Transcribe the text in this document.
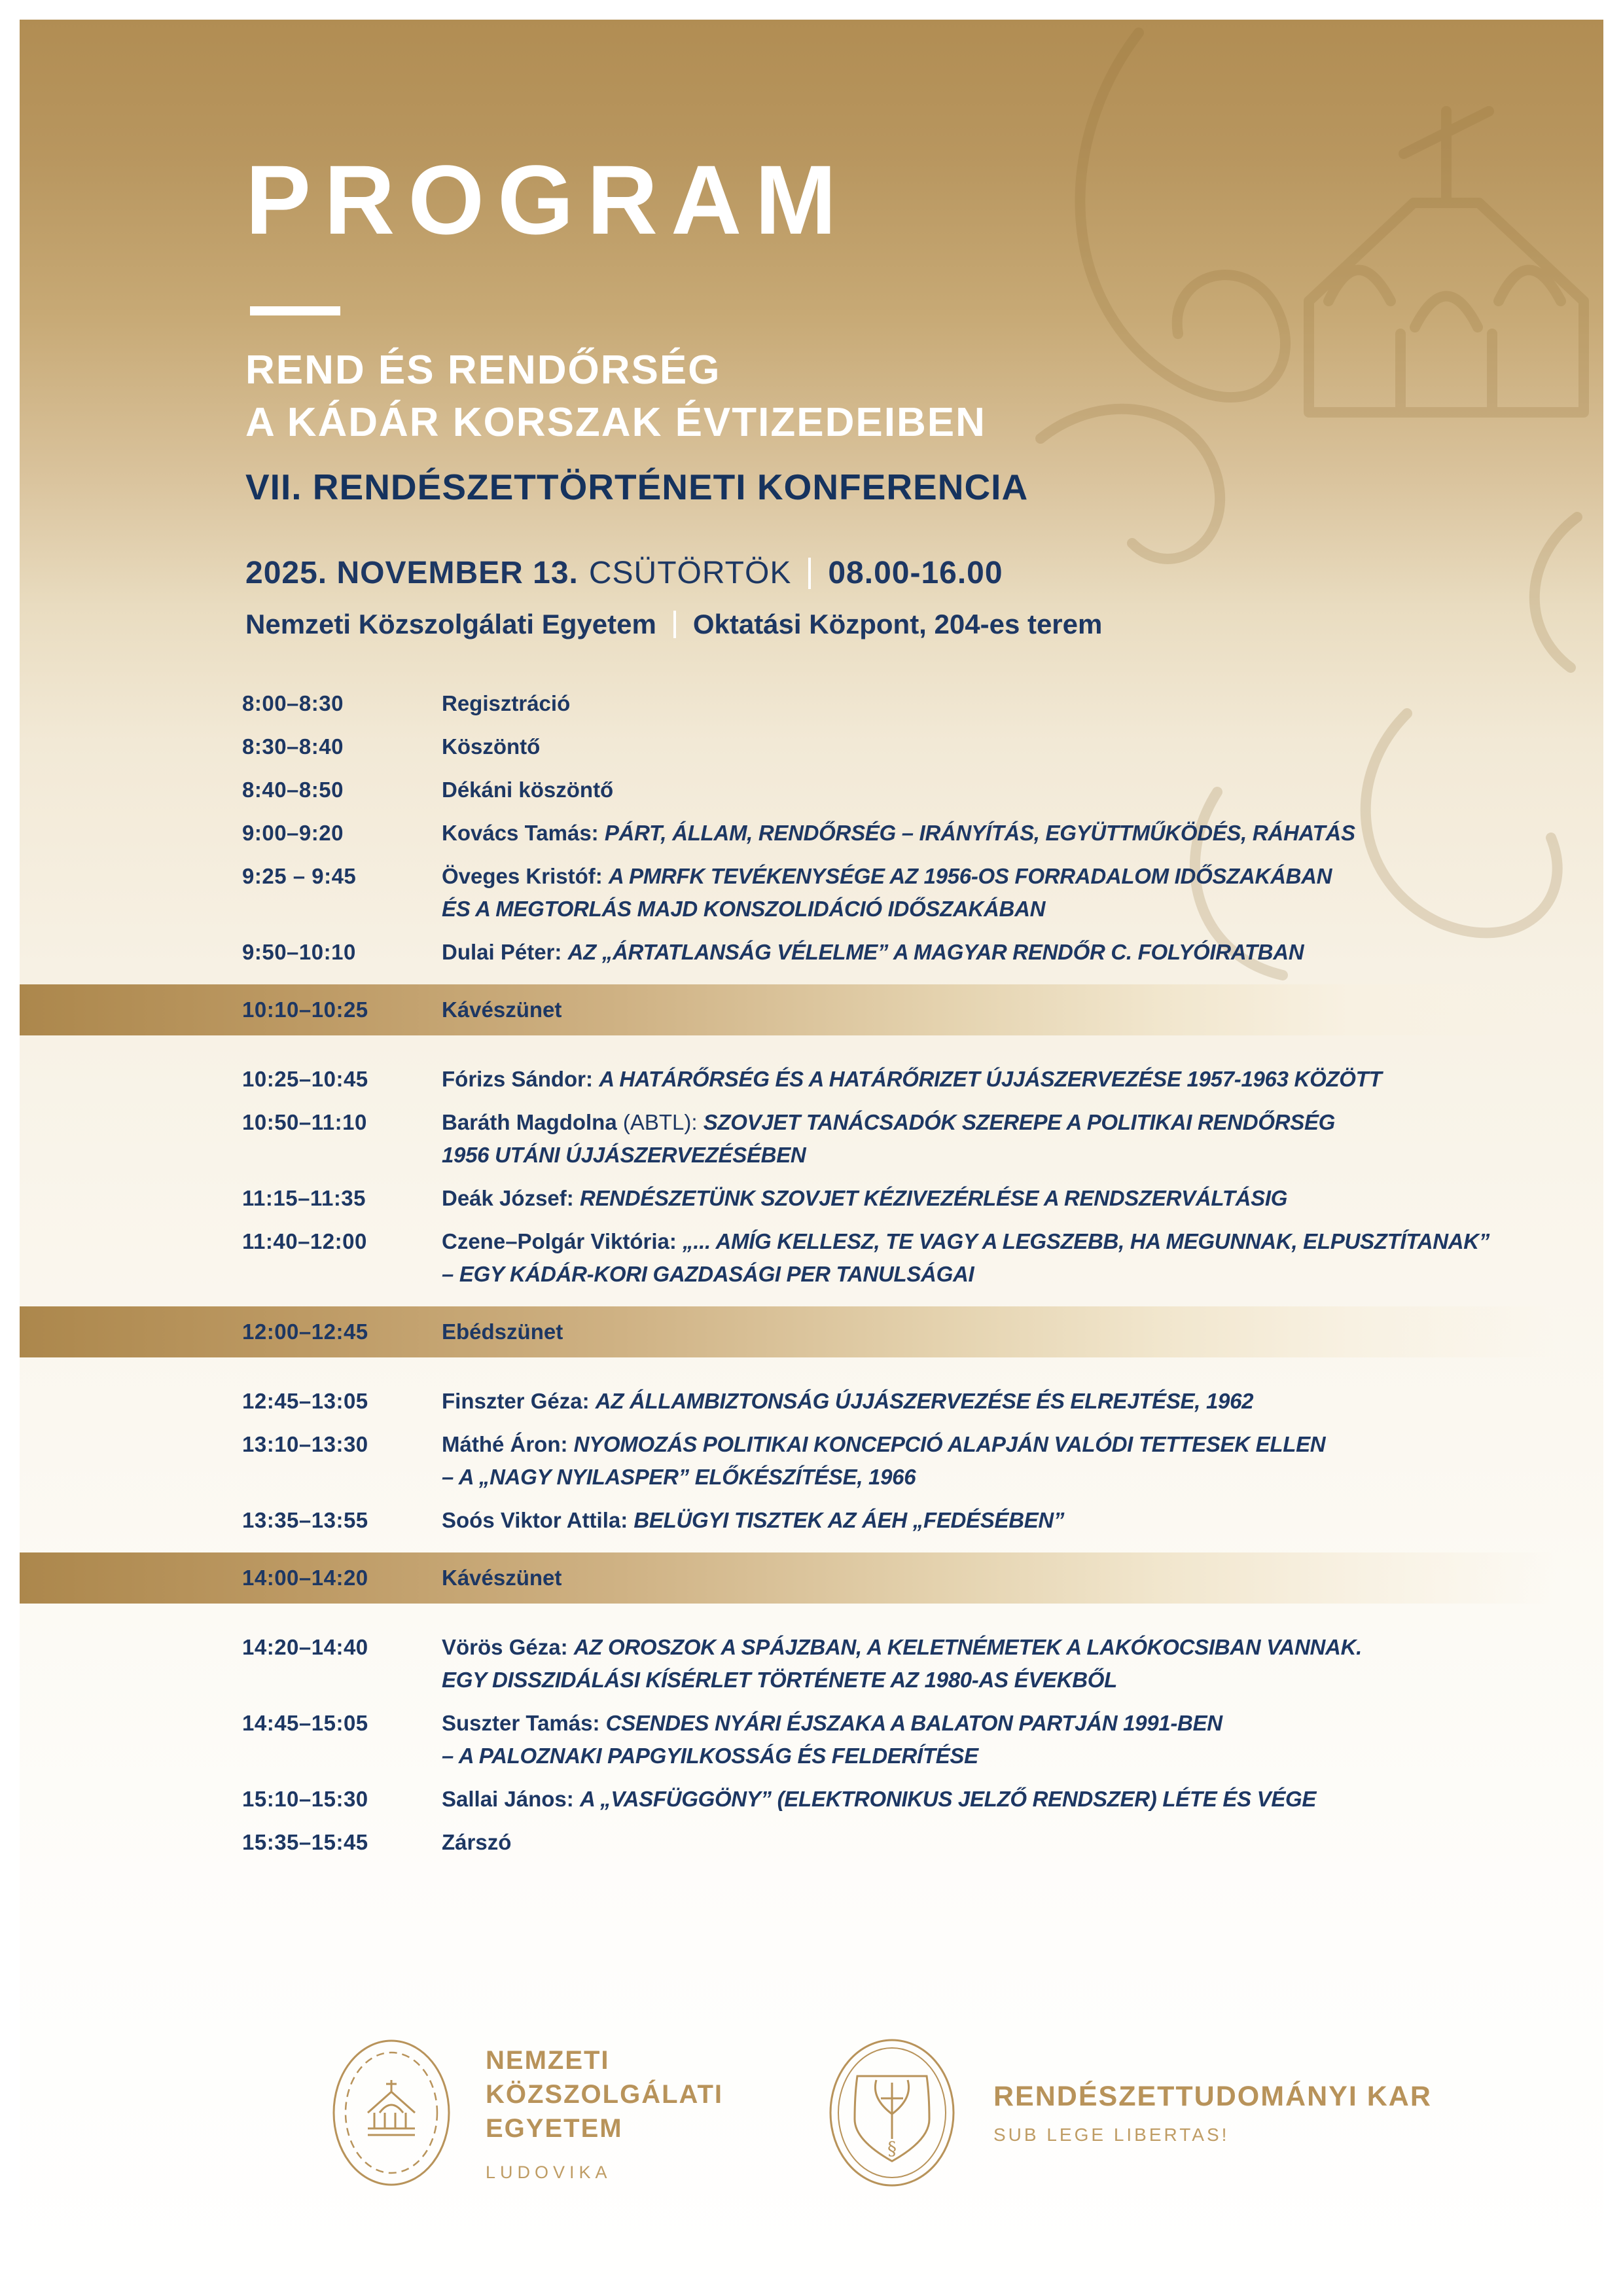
PROGRAM
REND ÉS RENDŐRSÉG
A KÁDÁR KORSZAK ÉVTIZEDEIBEN
VII. RENDÉSZETTÖRTÉNETI KONFERENCIA
2025. NOVEMBER 13. CSÜTÖRTÖK 08.00-16.00
Nemzeti Közszolgálati Egyetem Oktatási Központ, 204-es terem
8:00–8:30	Regisztráció
8:30–8:40	Köszöntő
8:40–8:50	Dékáni köszöntő
9:00–9:20	Kovács Tamás: PÁRT, ÁLLAM, RENDŐRSÉG – IRÁNYÍTÁS, EGYÜTTMŰKÖDÉS, RÁHATÁS
9:25 – 9:45	Öveges Kristóf: A PMRFK TEVÉKENYSÉGE AZ 1956-OS FORRADALOM IDŐSZAKÁBAN
ÉS A MEGTORLÁS MAJD KONSZOLIDÁCIÓ IDŐSZAKÁBAN
9:50–10:10	Dulai Péter: AZ „ÁRTATLANSÁG VÉLELME” A MAGYAR RENDŐR C. FOLYÓIRATBAN
10:10–10:25	Kávészünet
10:25–10:45	Fórizs Sándor: A HATÁRŐRSÉG ÉS A HATÁRŐRIZET ÚJJÁSZERVEZÉSE 1957-1963 KÖZÖTT
10:50–11:10	Baráth Magdolna (ABTL): SZOVJET TANÁCSADÓK SZEREPE A POLITIKAI RENDŐRSÉG
1956 UTÁNI ÚJJÁSZERVEZÉSÉBEN
11:15–11:35	Deák József: RENDÉSZETÜNK SZOVJET KÉZIVEZÉRLÉSE A RENDSZERVÁLTÁSIG
11:40–12:00	Czene–Polgár Viktória: „... AMÍG KELLESZ, TE VAGY A LEGSZEBB, HA MEGUNNAK, ELPUSZTÍTANAK”
– EGY KÁDÁR-KORI GAZDASÁGI PER TANULSÁGAI
12:00–12:45	Ebédszünet
12:45–13:05	Finszter Géza: AZ ÁLLAMBIZTONSÁG ÚJJÁSZERVEZÉSE ÉS ELREJTÉSE, 1962
13:10–13:30	Máthé Áron: NYOMOZÁS POLITIKAI KONCEPCIÓ ALAPJÁN VALÓDI TETTESEK ELLEN
– A „NAGY NYILASPER” ELŐKÉSZÍTÉSE, 1966
13:35–13:55	Soós Viktor Attila: BELÜGYI TISZTEK AZ ÁEH „FEDÉSÉBEN”
14:00–14:20	Kávészünet
14:20–14:40	Vörös Géza: AZ OROSZOK A SPÁJZBAN, A KELETNÉMETEK A LAKÓKOCSIBAN VANNAK.
EGY DISSZIDÁLÁSI KÍSÉRLET TÖRTÉNETE AZ 1980-AS ÉVEKBŐL
14:45–15:05	Suszter Tamás: CSENDES NYÁRI ÉJSZAKA A BALATON PARTJÁN 1991-BEN
– A PALOZNAKI PAPGYILKOSSÁG ÉS FELDERÍTÉSE
15:10–15:30	Sallai János: A „VASFÜGGÖNY” (ELEKTRONIKUS JELZŐ RENDSZER) LÉTE ÉS VÉGE
15:35–15:45	Zárszó
NEMZETI
KÖZSZOLGÁLATI
EGYETEM
LUDOVIKA
§
RENDÉSZETTUDOMÁNYI KAR
SUB LEGE LIBERTAS!
